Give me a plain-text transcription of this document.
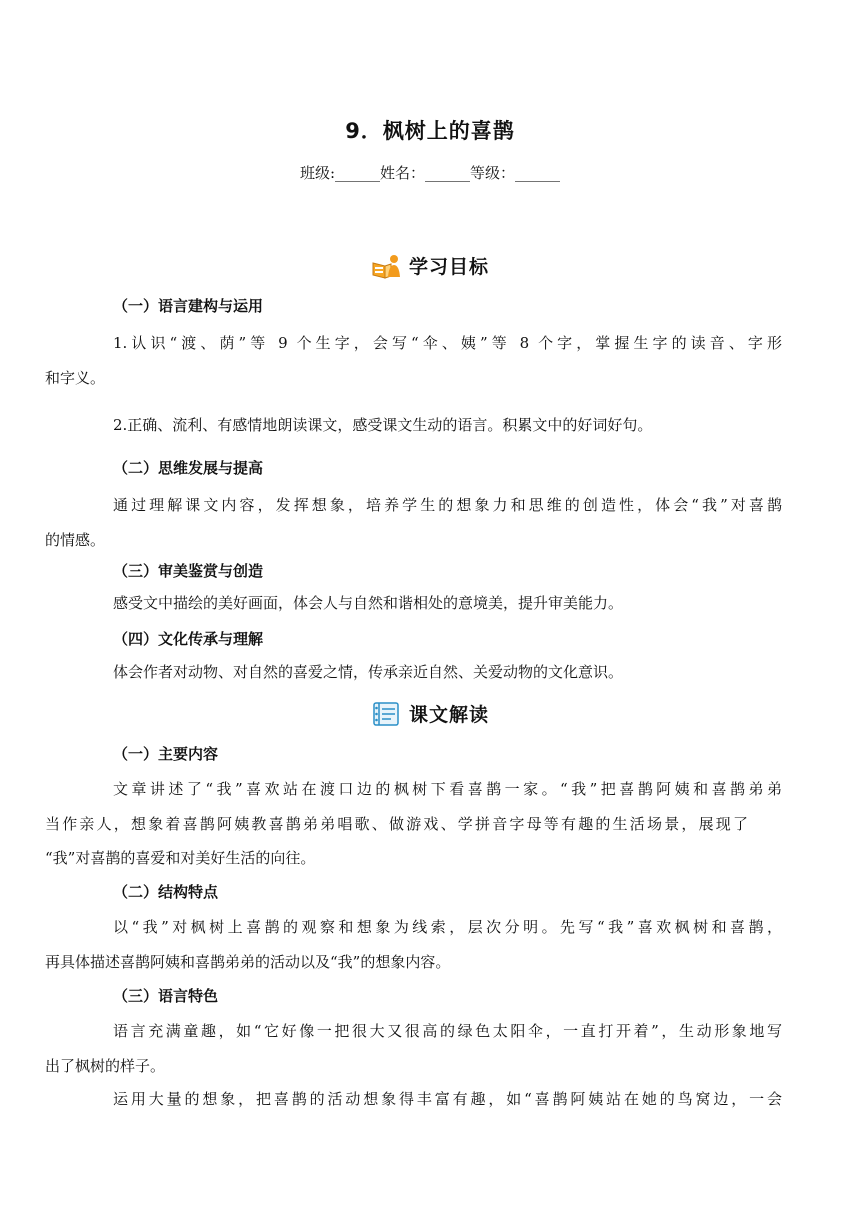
9．枫树上的喜鹊
班级:______姓名：______等级：______
学习目标
（一）语言建构与运用
1.认识“渡、荫”等 9 个生字，会写“伞、姨”等 8 个字，掌握生字的读音、字形
和字义。
2.正确、流利、有感情地朗读课文，感受课文生动的语言。积累文中的好词好句。
（二）思维发展与提高
通过理解课文内容，发挥想象，培养学生的想象力和思维的创造性，体会“我”对喜鹊
的情感。
（三）审美鉴赏与创造
感受文中描绘的美好画面，体会人与自然和谐相处的意境美，提升审美能力。
（四）文化传承与理解
体会作者对动物、对自然的喜爱之情，传承亲近自然、关爱动物的文化意识。
课文解读
（一）主要内容
文章讲述了“我”喜欢站在渡口边的枫树下看喜鹊一家。“我”把喜鹊阿姨和喜鹊弟弟
当作亲人，想象着喜鹊阿姨教喜鹊弟弟唱歌、做游戏、学拼音字母等有趣的生活场景，展现了
“我”对喜鹊的喜爱和对美好生活的向往。
（二）结构特点
以“我”对枫树上喜鹊的观察和想象为线索，层次分明。先写“我”喜欢枫树和喜鹊，
再具体描述喜鹊阿姨和喜鹊弟弟的活动以及“我”的想象内容。
（三）语言特色
语言充满童趣，如“它好像一把很大又很高的绿色太阳伞，一直打开着”，生动形象地写
出了枫树的样子。
运用大量的想象，把喜鹊的活动想象得丰富有趣，如“喜鹊阿姨站在她的鸟窝边，一会
